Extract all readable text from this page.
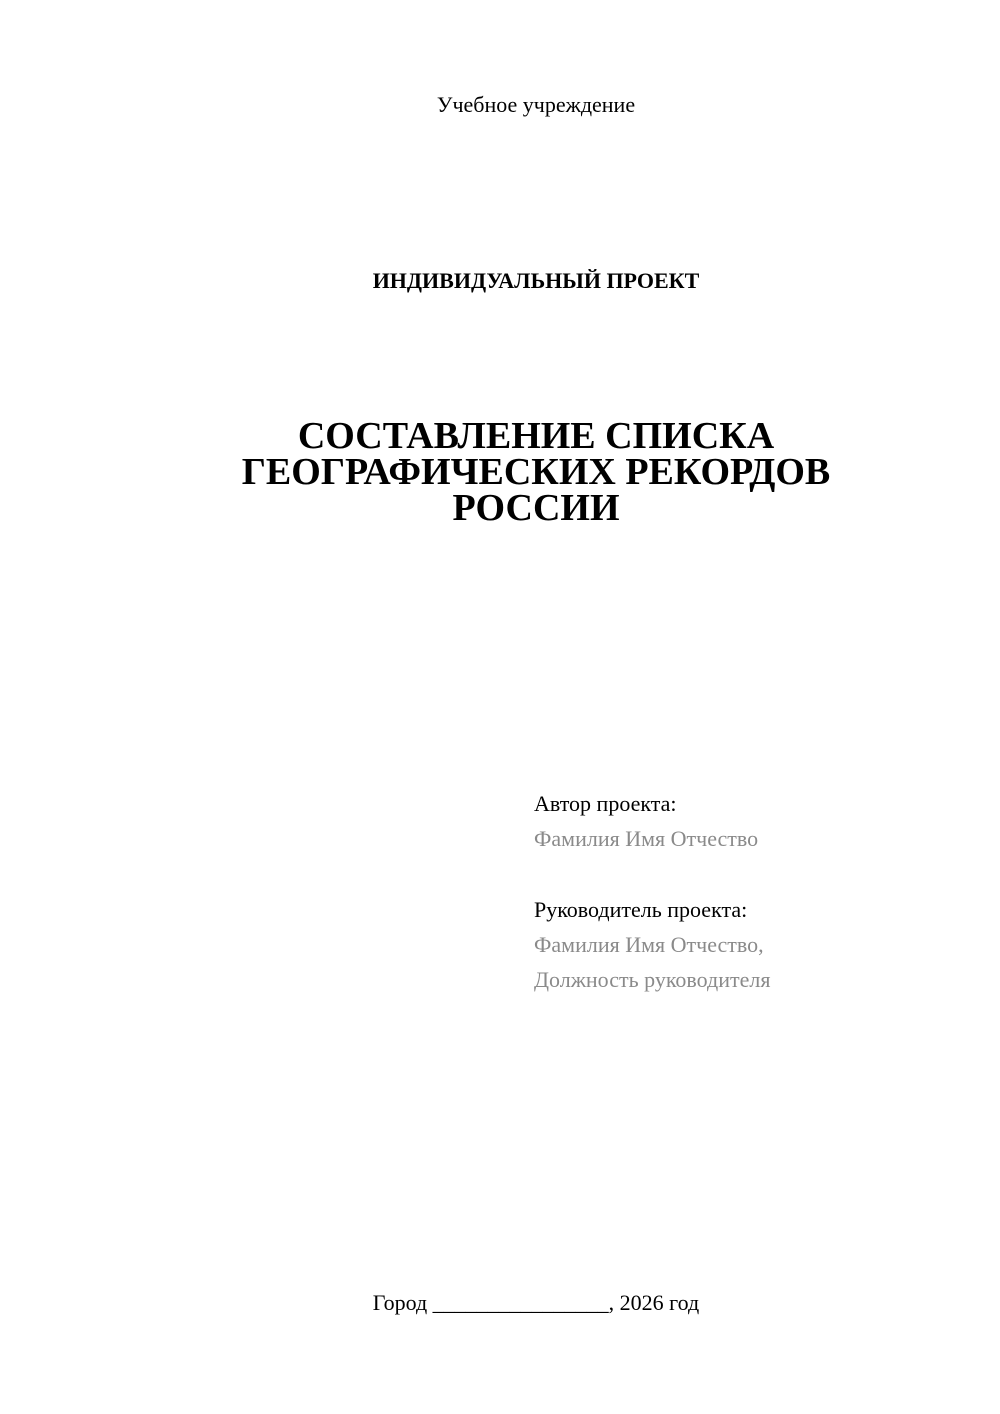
Учебное учреждение
ИНДИВИДУАЛЬНЫЙ ПРОЕКТ
СОСТАВЛЕНИЕ СПИСКА
ГЕОГРАФИЧЕСКИХ РЕКОРДОВ
РОССИИ
Автор проекта:
Фамилия Имя Отчество
Руководитель проекта:
Фамилия Имя Отчество,
Должность руководителя
Город ________________, 2026 год
